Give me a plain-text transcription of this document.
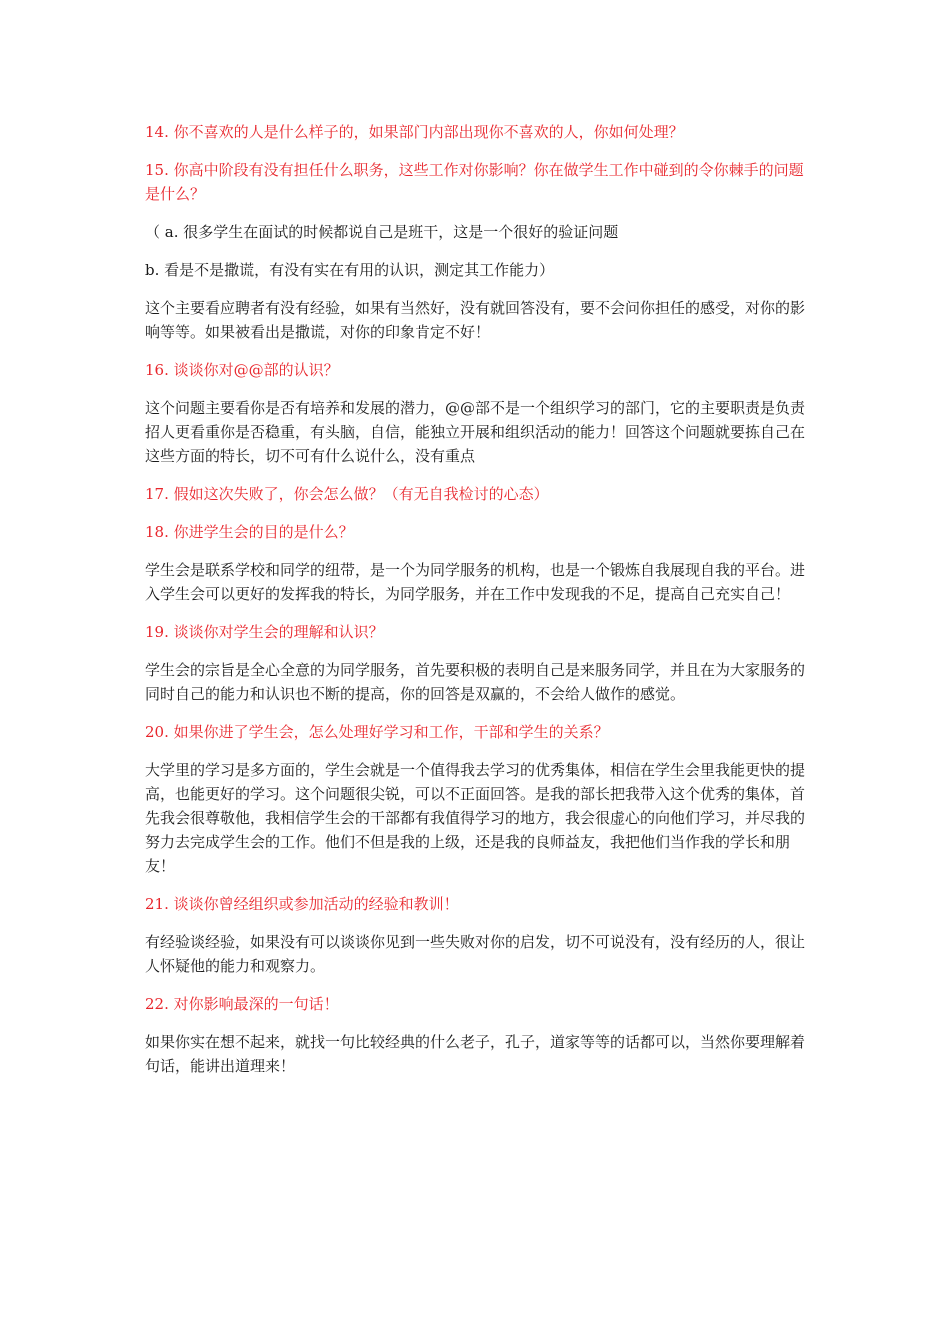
14. 你不喜欢的人是什么样子的，如果部门内部出现你不喜欢的人，你如何处理？
15. 你高中阶段有没有担任什么职务，这些工作对你影响？你在做学生工作中碰到的令你棘手的问题是什么？
（ a. 很多学生在面试的时候都说自己是班干，这是一个很好的验证问题
b. 看是不是撒谎，有没有实在有用的认识，测定其工作能力）
这个主要看应聘者有没有经验，如果有当然好，没有就回答没有，要不会问你担任的感受，对你的影响等等。如果被看出是撒谎，对你的印象肯定不好！
16. 谈谈你对@@部的认识？
这个问题主要看你是否有培养和发展的潜力，@@部不是一个组织学习的部门，它的主要职责是负责招人更看重你是否稳重，有头脑，自信，能独立开展和组织活动的能力！回答这个问题就要拣自己在这些方面的特长，切不可有什么说什么，没有重点
17. 假如这次失败了，你会怎么做？（有无自我检讨的心态）
18. 你进学生会的目的是什么？
学生会是联系学校和同学的纽带，是一个为同学服务的机构，也是一个锻炼自我展现自我的平台。进入学生会可以更好的发挥我的特长，为同学服务，并在工作中发现我的不足，提高自己充实自己！
19. 谈谈你对学生会的理解和认识？
学生会的宗旨是全心全意的为同学服务，首先要积极的表明自己是来服务同学，并且在为大家服务的同时自己的能力和认识也不断的提高，你的回答是双赢的，不会给人做作的感觉。
20. 如果你进了学生会，怎么处理好学习和工作，干部和学生的关系？
大学里的学习是多方面的，学生会就是一个值得我去学习的优秀集体，相信在学生会里我能更快的提高，也能更好的学习。这个问题很尖锐，可以不正面回答。是我的部长把我带入这个优秀的集体，首先我会很尊敬他，我相信学生会的干部都有我值得学习的地方，我会很虚心的向他们学习，并尽我的努力去完成学生会的工作。他们不但是我的上级，还是我的良师益友，我把他们当作我的学长和朋友！
21. 谈谈你曾经组织或参加活动的经验和教训！
有经验谈经验，如果没有可以谈谈你见到一些失败对你的启发，切不可说没有，没有经历的人，很让人怀疑他的能力和观察力。
22. 对你影响最深的一句话！
如果你实在想不起来，就找一句比较经典的什么老子，孔子，道家等等的话都可以，当然你要理解着句话，能讲出道理来！
